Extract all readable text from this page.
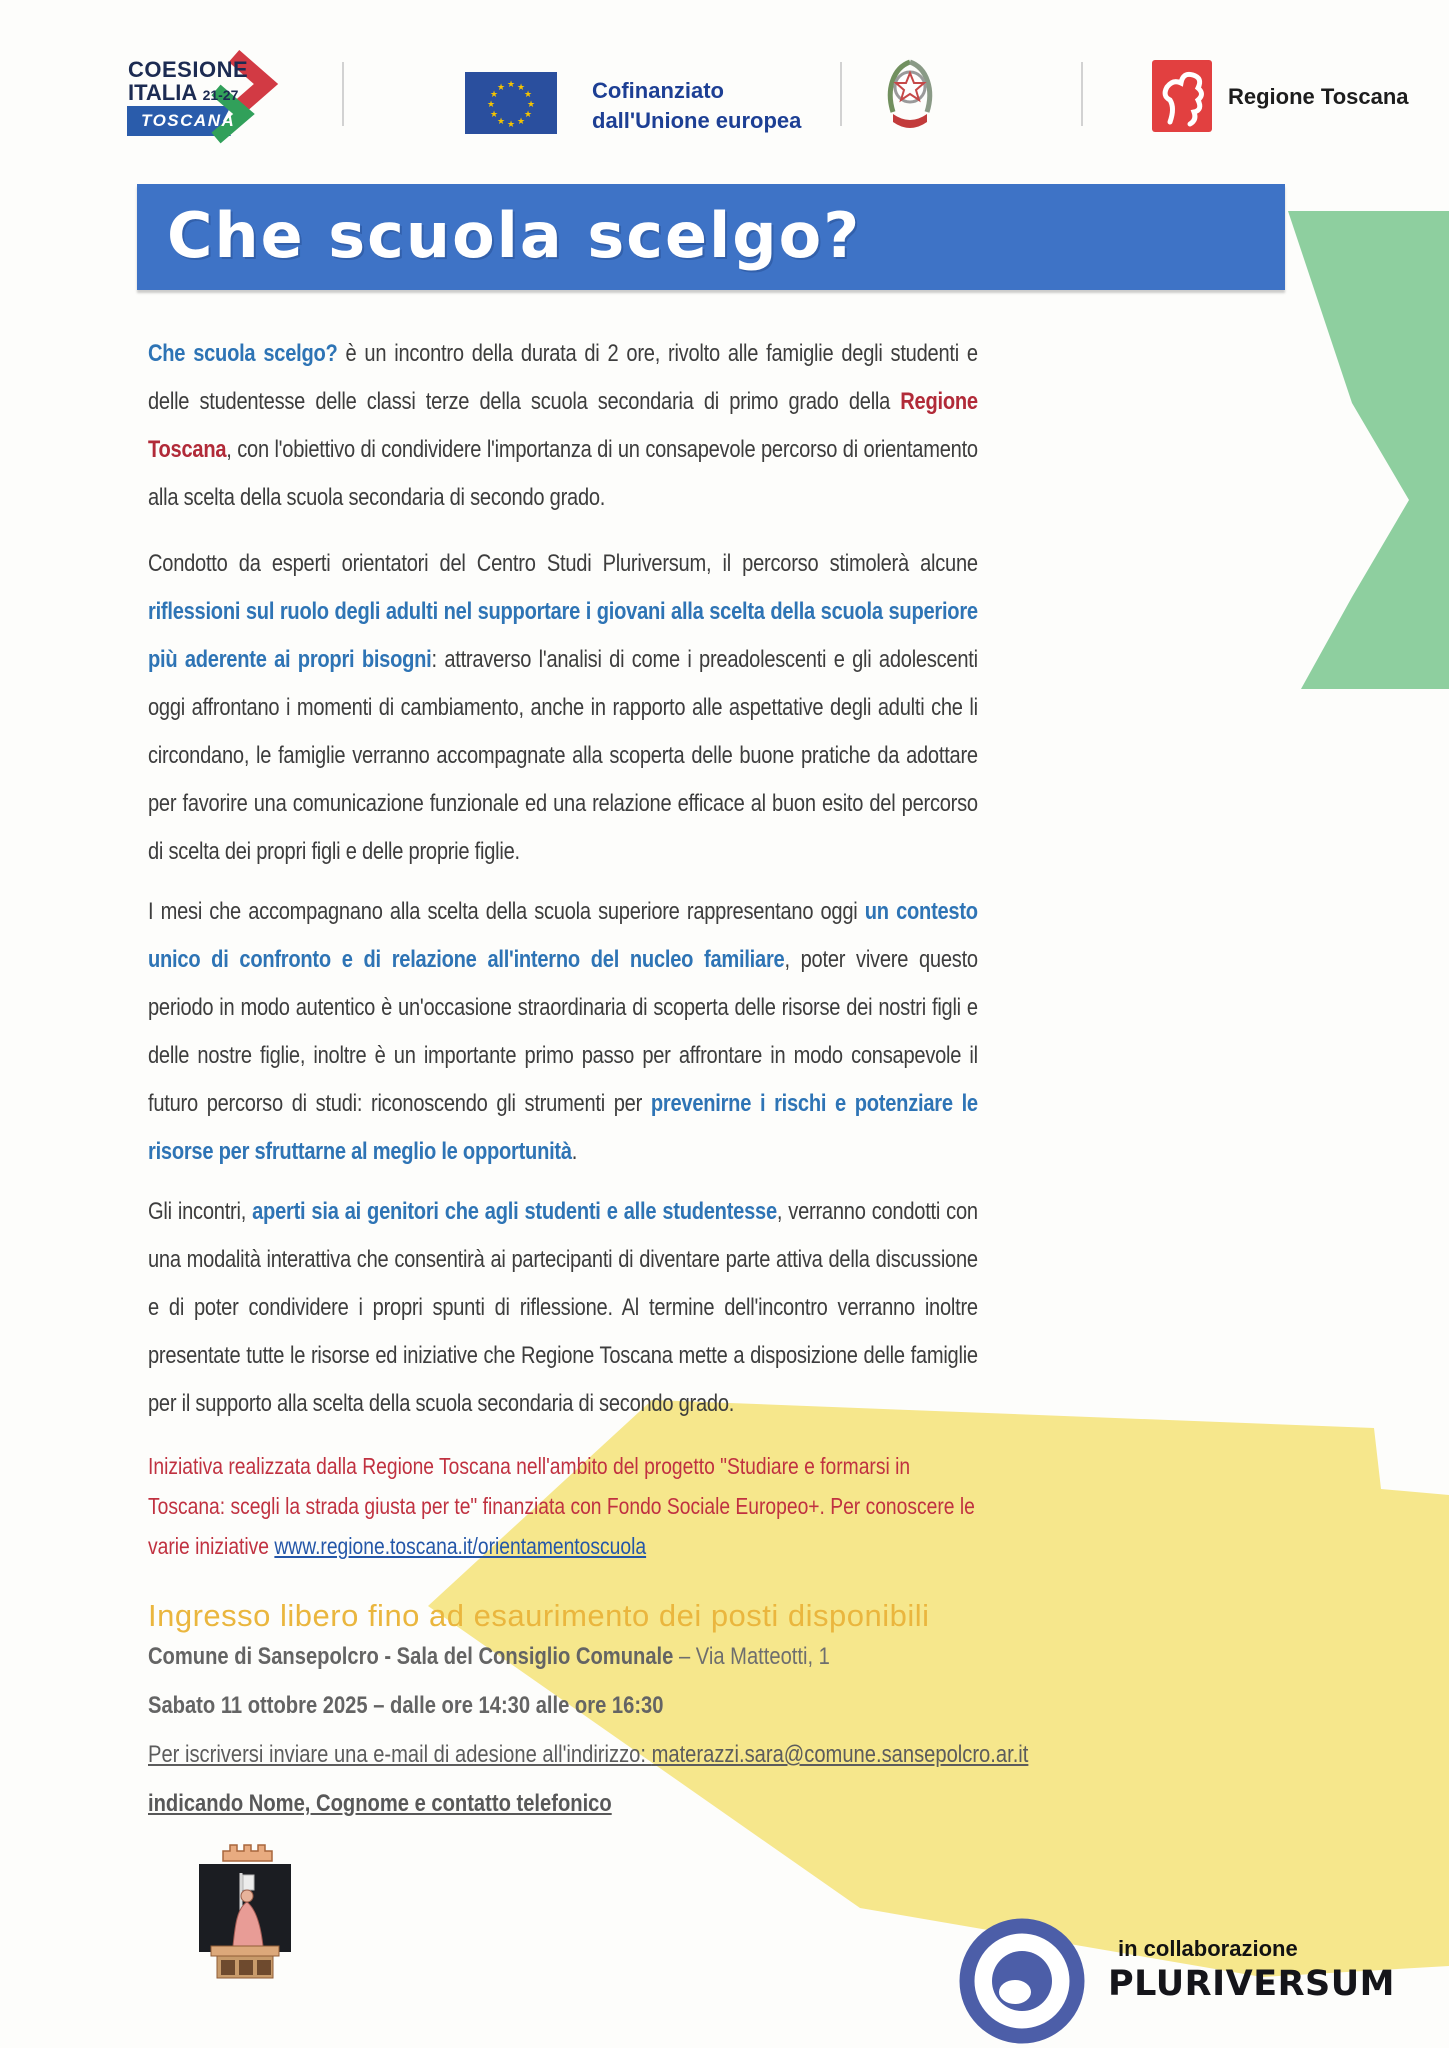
COESIONE
ITALIA 21-27
TOSCANA
★ ★
★
★
★
★
★
★
★
★
★
★	Cofinanziato
dall'Unione europea
Regione Toscana
Che scuola scelgo?

Che scuola scelgo? è un incontro della durata di 2 ore, rivolto alle famiglie degli studenti e delle studentesse delle classi terze della scuola secondaria di primo grado della Regione Toscana, con l'obiettivo di condividere l'importanza di un consapevole percorso di orientamento alla scelta della scuola secondaria di secondo grado.

Condotto da esperti orientatori del Centro Studi Pluriversum, il percorso stimolerà alcune riflessioni sul ruolo degli adulti nel supportare i giovani alla scelta della scuola superiore più aderente ai propri bisogni: attraverso l'analisi di come i preadolescenti e gli adolescenti oggi affrontano i momenti di cambiamento, anche in rapporto alle aspettative degli adulti che li circondano, le famiglie verranno accompagnate alla scoperta delle buone pratiche da adottare per favorire una comunicazione funzionale ed una relazione efficace al buon esito del percorso di scelta dei propri figli e delle proprie figlie.

I mesi che accompagnano alla scelta della scuola superiore rappresentano oggi un contesto unico di confronto e di relazione all'interno del nucleo familiare, poter vivere questo periodo in modo autentico è un'occasione straordinaria di scoperta delle risorse dei nostri figli e delle nostre figlie, inoltre è un importante primo passo per affrontare in modo consapevole il futuro percorso di studi: riconoscendo gli strumenti per prevenirne i rischi e potenziare le risorse per sfruttarne al meglio le opportunità.

Gli incontri, aperti sia ai genitori che agli studenti e alle studentesse, verranno condotti con una modalità interattiva che consentirà ai partecipanti di diventare parte attiva della discussione e di poter condividere i propri spunti di riflessione. Al termine dell'incontro verranno inoltre presentate tutte le risorse ed iniziative che Regione Toscana mette a disposizione delle famiglie per il supporto alla scelta della scuola secondaria di secondo grado.

Iniziativa realizzata dalla Regione Toscana nell'ambito del progetto "Studiare e formarsi in Toscana: scegli la strada giusta per te" finanziata con Fondo Sociale Europeo+. Per conoscere le varie iniziative www.regione.toscana.it/orientamentoscuola

Ingresso libero fino ad esaurimento dei posti disponibili
Comune di Sansepolcro - Sala del Consiglio Comunale – Via Matteotti, 1
Sabato 11 ottobre 2025 – dalle ore 14:30 alle ore 16:30
Per iscriversi inviare una e-mail di adesione all'indirizzo: materazzi.sara@comune.sansepolcro.ar.it
indicando Nome, Cognome e contatto telefonico
in collaborazione
PLURIVERSUM
